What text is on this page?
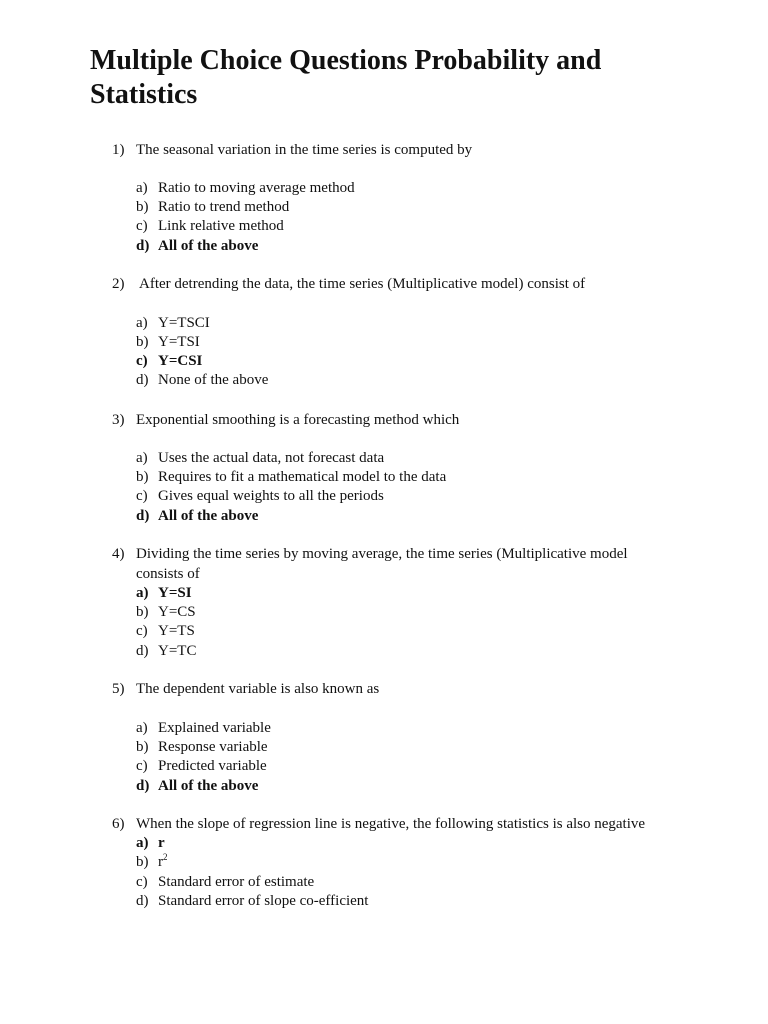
Multiple Choice Questions Probability and Statistics
1) The seasonal variation in the time series is computed by
a) Ratio to moving average method
b) Ratio to trend method
c) Link relative method
d) All of the above
2) After detrending the data, the time series (Multiplicative model) consist of
a) Y=TSCI
b) Y=TSI
c) Y=CSI
d) None of the above
3) Exponential smoothing is a forecasting method which
a) Uses the actual data, not forecast data
b) Requires to fit a mathematical model to the data
c) Gives equal weights to all the periods
d) All of the above
4) Dividing the time series by moving average, the time series (Multiplicative model consists of
a) Y=SI
b) Y=CS
c) Y=TS
d) Y=TC
5) The dependent variable is also known as
a) Explained variable
b) Response variable
c) Predicted variable
d) All of the above
6) When the slope of regression line is negative, the following statistics is also negative
a) r
b) $r^2$
c) Standard error of estimate
d) Standard error of slope co-efficient
